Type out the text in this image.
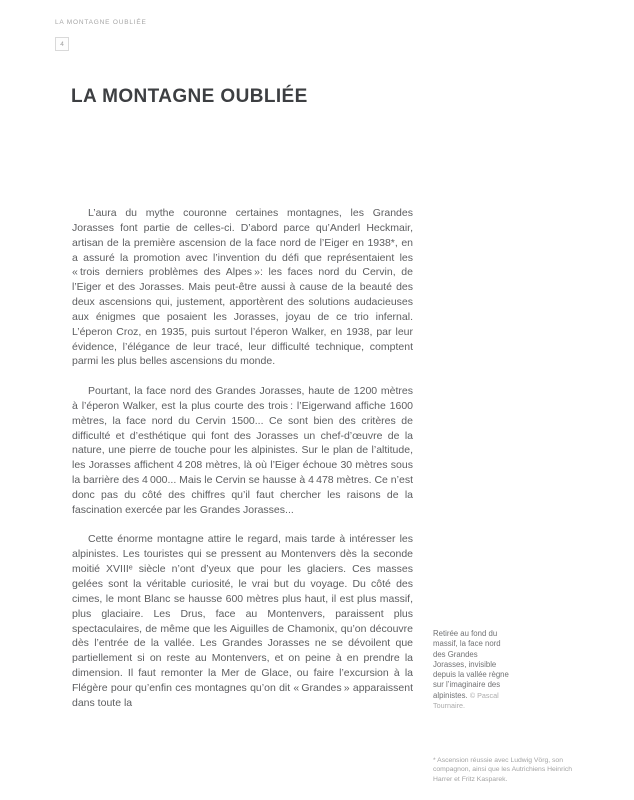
LA MONTAGNE OUBLIÉE
4
LA MONTAGNE OUBLIÉE

L’aura du mythe couronne certaines montagnes, les Grandes Jorasses font partie de celles-ci. D’abord parce qu’Anderl Heckmair, artisan de la première ascension de la face nord de l’Eiger en 1938*, en a assuré la promotion avec l’invention du défi que représentaient les « trois derniers problèmes des Alpes »: les faces nord du Cervin, de l’Eiger et des Jorasses. Mais peut-être aussi à cause de la beauté des deux ascensions qui, justement, apportèrent des solutions audacieuses aux énigmes que posaient les Jorasses, joyau de ce trio infernal. L’éperon Croz, en 1935, puis surtout l’éperon Walker, en 1938, par leur évidence, l’élégance de leur tracé, leur difficulté technique, comptent parmi les plus belles ascensions du monde.

Pourtant, la face nord des Grandes Jorasses, haute de 1200 mètres à l’éperon Walker, est la plus courte des trois : l’Eigerwand affiche 1600 mètres, la face nord du Cervin 1500... Ce sont bien des critères de difficulté et d’esthétique qui font des Jorasses un chef-d’œuvre de la nature, une pierre de touche pour les alpinistes. Sur le plan de l’altitude, les Jorasses affichent 4 208 mètres, là où l’Eiger échoue 30 mètres sous la barrière des 4 000... Mais le Cervin se hausse à 4 478 mètres. Ce n’est donc pas du côté des chiffres qu’il faut chercher les raisons de la fascination exercée par les Grandes Jorasses...

Cette énorme montagne attire le regard, mais tarde à intéresser les alpinistes. Les touristes qui se pressent au Montenvers dès la seconde moitié XVIIIᵉ siècle n’ont d’yeux que pour les glaciers. Ces masses gelées sont la véritable curiosité, le vrai but du voyage. Du côté des cimes, le mont Blanc se hausse 600 mètres plus haut, il est plus massif, plus glaciaire. Les Drus, face au Montenvers, paraissent plus spectaculaires, de même que les Aiguilles de Chamonix, qu’on découvre dès l’entrée de la vallée. Les Grandes Jorasses ne se dévoilent que partiellement si on reste au Montenvers, et on peine à en prendre la dimension. Il faut remonter la Mer de Glace, ou faire l’excursion à la Flégère pour qu’enfin ces montagnes qu’on dit « Grandes » apparaissent dans toute la

Retirée au fond du massif, la face nord des Grandes Jorasses, invisible depuis la vallée règne sur l’imaginaire des alpinistes. © Pascal Tournaire.
* Ascension réussie avec Ludwig Vörg, son compagnon, ainsi que les Autrichiens Heinrich Harrer et Fritz Kasparek.
